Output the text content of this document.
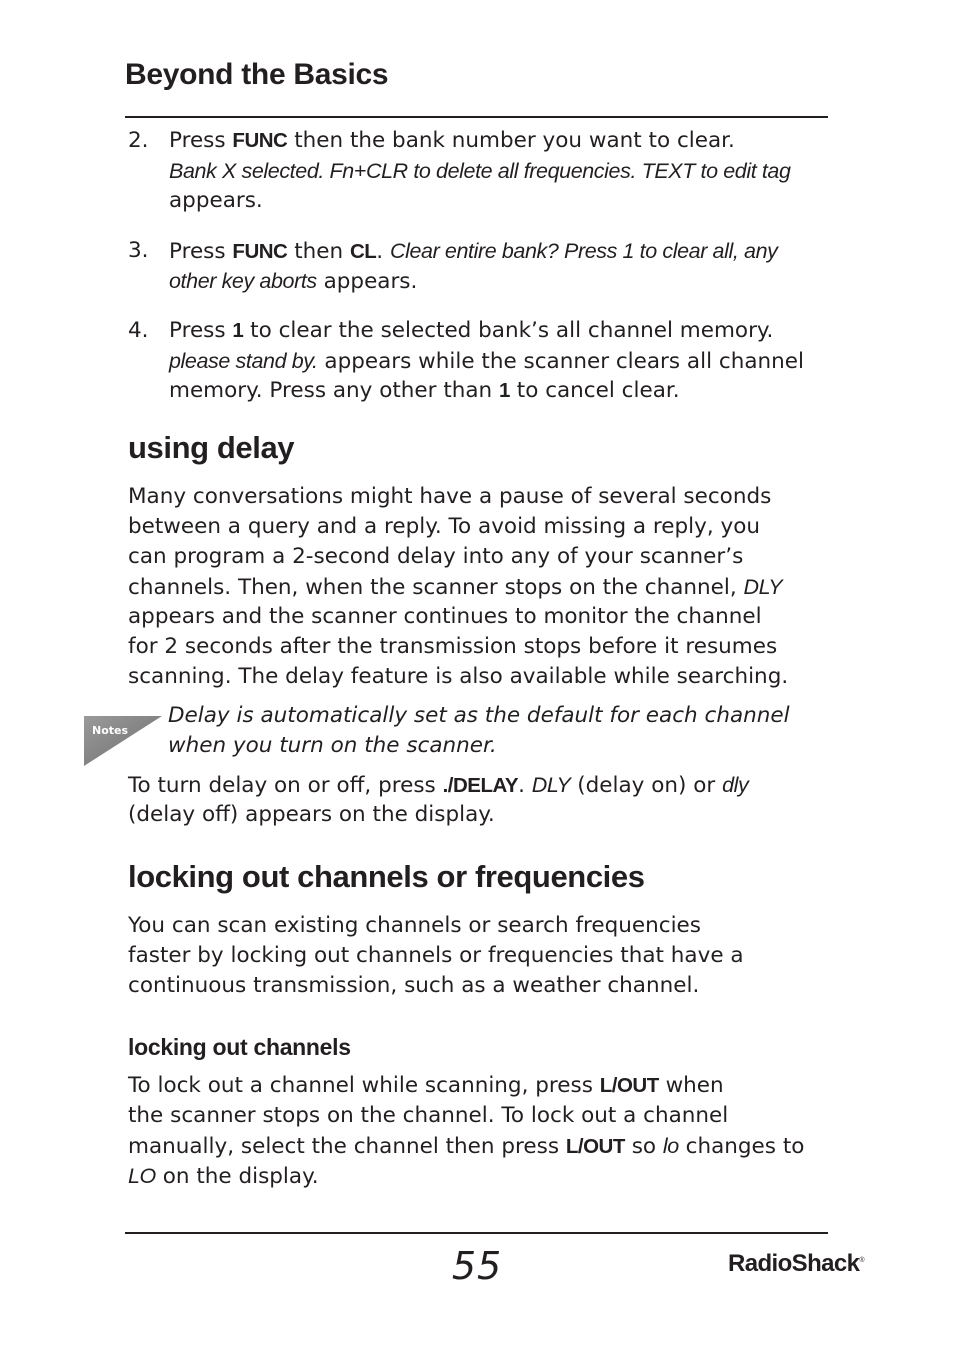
Beyond the Basics
2. Press FUNC then the bank number you want to clear.
Bank X selected. Fn+CLR to delete all frequencies. TEXT to edit tag
appears.
3. Press FUNC then CL. Clear entire bank? Press 1 to clear all, any
other key aborts appears.
4. Press 1 to clear the selected bank’s all channel memory.
please stand by. appears while the scanner clears all channel
memory. Press any other than 1 to cancel clear.
using delay
Many conversations might have a pause of several seconds
between a query and a reply. To avoid missing a reply, you
can program a 2-second delay into any of your scanner’s
channels. Then, when the scanner stops on the channel, DLY
appears and the scanner continues to monitor the channel
for 2 seconds after the transmission stops before it resumes
scanning. The delay feature is also available while searching.
Notes
Delay is automatically set as the default for each channel
when you turn on the scanner.
To turn delay on or off, press ./DELAY. DLY (delay on) or dly
(delay off) appears on the display.
locking out channels or frequencies
You can scan existing channels or search frequencies
faster by locking out channels or frequencies that have a
continuous transmission, such as a weather channel.
locking out channels
To lock out a channel while scanning, press L/OUT when
the scanner stops on the channel. To lock out a channel
manually, select the channel then press L/OUT so lo changes to
LO on the display.
55	RadioShack®
